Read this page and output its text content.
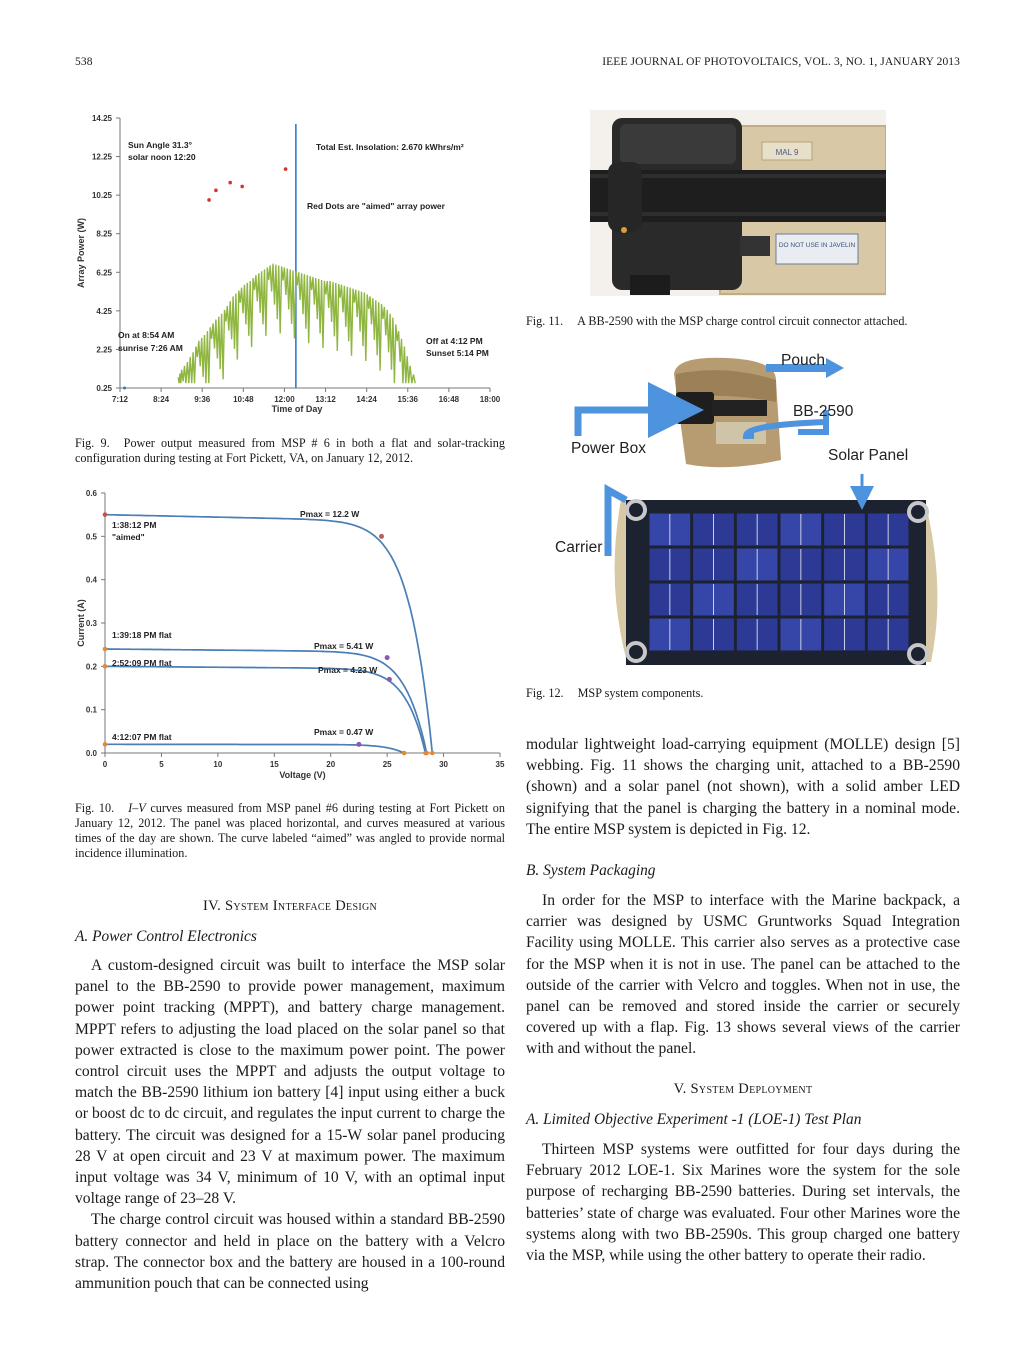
538	IEEE JOURNAL OF PHOTOVOLTAICS, VOL. 3, NO. 1, JANUARY 2013
0.25
2.25
4.25
6.25
8.25
10.25
12.25
14.25
7:12	8:24	9:36	10:48	12:00	13:12	14:24	15:36	16:48	18:00
Time of Day
Array Power (W)
Sun Angle 31.3°
solar noon 12:20
Total Est. Insolation: 2.670 kWhrs/m²
Red Dots are "aimed" array power
On at 8:54 AM
sunrise 7:26 AM
Off at 4:12 PM
Sunset 5:14 PM
Fig. 9. Power output measured from MSP # 6 in both a flat and solar-tracking configuration during testing at Fort Pickett, VA, on January 12, 2012.
0.0
0.1
0.2
0.3
0.4
0.5
0.6
0	5	10	15	20	25	30	35
Voltage (V)
Current (A)
1:38:12 PM
"aimed"
Pmax = 12.2 W
1:39:18 PM flat
Pmax = 5.41 W
2:52:09 PM flat
Pmax = 4.23 W
4:12:07 PM flat	Pmax = 0.47 W
Fig. 10. I–V curves measured from MSP panel #6 during testing at Fort Pickett on January 12, 2012. The panel was placed horizontal, and curves measured at various times of the day are shown. The curve labeled “aimed” was angled to provide normal incidence illumination.
IV. System Interface Design
A. Power Control Electronics

A custom-designed circuit was built to interface the MSP solar panel to the BB-2590 to provide power management, maximum power point tracking (MPPT), and battery charge management. MPPT refers to adjusting the load placed on the solar panel so that power extracted is close to the maximum power point. The power control circuit uses the MPPT and adjusts the output voltage to match the BB-2590 lithium ion battery [4] input using either a buck or boost dc to dc circuit, and regulates the input current to charge the battery. The circuit was designed for a 15-W solar panel producing 28 V at open circuit and 23 V at maximum power. The maximum input voltage was 34 V, minimum of 10 V, with an optimal input voltage range of 23–28 V.

The charge control circuit was housed within a standard BB-2590 battery connector and held in place on the battery with a Velcro strap. The connector box and the battery are housed in a 100-round ammunition pouch that can be connected using

DO NOT USE IN JAVELIN
MAL 9
Fig. 11. A BB-2590 with the MSP charge control circuit connector attached.
Pouch
BB-2590
Power Box	Solar Panel
Carrier
Fig. 12. MSP system components.

modular lightweight load-carrying equipment (MOLLE) design [5] webbing. Fig. 11 shows the charging unit, attached to a BB-2590 (shown) and a solar panel (not shown), with a solid amber LED signifying that the panel is charging the battery in a nominal mode. The entire MSP system is depicted in Fig. 12.

B. System Packaging

In order for the MSP to interface with the Marine backpack, a carrier was designed by USMC Gruntworks Squad Integration Facility using MOLLE. This carrier also serves as a protective case for the MSP when it is not in use. The panel can be attached to the outside of the carrier with Velcro and toggles. When not in use, the panel can be removed and stored inside the carrier or securely covered up with a flap. Fig. 13 shows several views of the carrier with and without the panel.

V. System Deployment
A. Limited Objective Experiment -1 (LOE-1) Test Plan

Thirteen MSP systems were outfitted for four days during the February 2012 LOE-1. Six Marines wore the system for the sole purpose of recharging BB-2590 batteries. During set intervals, the batteries’ state of charge was evaluated. Four other Marines wore the systems along with two BB-2590s. This group charged one battery via the MSP, while using the other battery to operate their radio.
